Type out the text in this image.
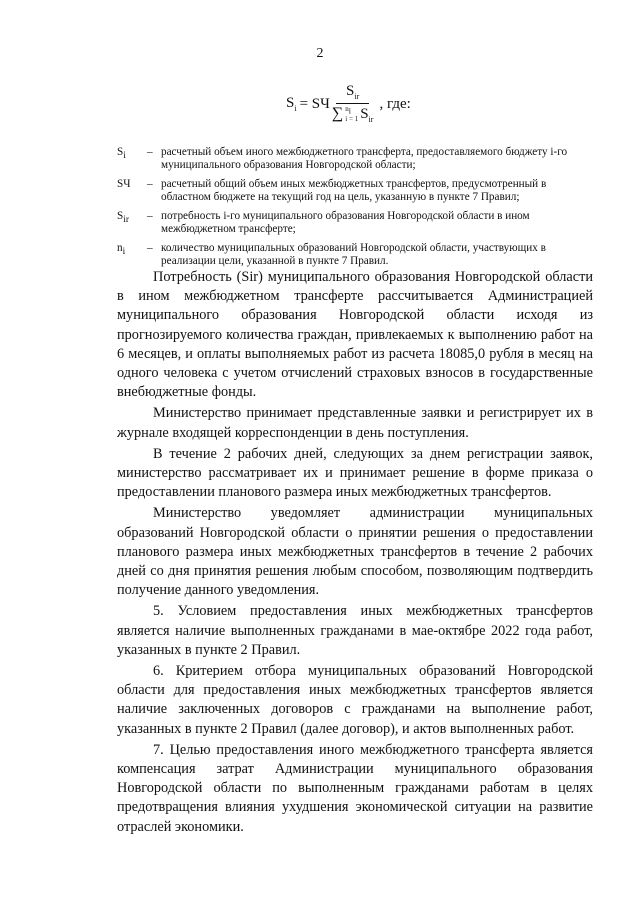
2
$S_i$ = SЧ $S_{ir}$
∑ $n_i$
i = 1 $S_{ir}$ , где:
$S_i$	– расчетный объем иного межбюджетного трансферта, предоставляемого бюджету i-го муниципального образования Новгородской области;
SЧ	– расчетный общий объем иных межбюджетных трансфертов, предусмотренный в областном бюджете на текущий год на цель, указанную в пункте 7 Правил;
$S_{ir}$	– потребность i-го муниципального образования Новгородской области в ином межбюджетном трансферте;
$n_i$	– количество муниципальных образований Новгородской области, участвующих в реализации цели, указанной в пункте 7 Правил.

Потребность (Sir) муниципального образования Новгородской области в ином межбюджетном трансферте рассчитывается Администрацией муниципального образования Новгородской области исходя из прогнозируемого количества граждан, привлекаемых к выполнению работ на 6 месяцев, и оплаты выполняемых работ из расчета 18085,0 рубля в месяц на одного человека с учетом отчислений страховых взносов в государственные внебюджетные фонды.

Министерство принимает представленные заявки и регистрирует их в журнале входящей корреспонденции в день поступления.

В течение 2 рабочих дней, следующих за днем регистрации заявок, министерство рассматривает их и принимает решение в форме приказа о предоставлении планового размера иных межбюджетных трансфертов.

Министерство уведомляет администрации муниципальных образований Новгородской области о принятии решения о предоставлении планового размера иных межбюджетных трансфертов в течение 2 рабочих дней со дня принятия решения любым способом, позволяющим подтвердить получение данного уведомления.

5. Условием предоставления иных межбюджетных трансфертов является наличие выполненных гражданами в мае-октябре 2022 года работ, указанных в пункте 2 Правил.

6. Критерием отбора муниципальных образований Новгородской области для предоставления иных межбюджетных трансфертов является наличие заключенных договоров с гражданами на выполнение работ, указанных в пункте 2 Правил (далее договор), и актов выполненных работ.

7. Целью предоставления иного межбюджетного трансферта является компенсация затрат Администрации муниципального образования Новгородской области по выполненным гражданами работам в целях предотвращения влияния ухудшения экономической ситуации на развитие отраслей экономики.
